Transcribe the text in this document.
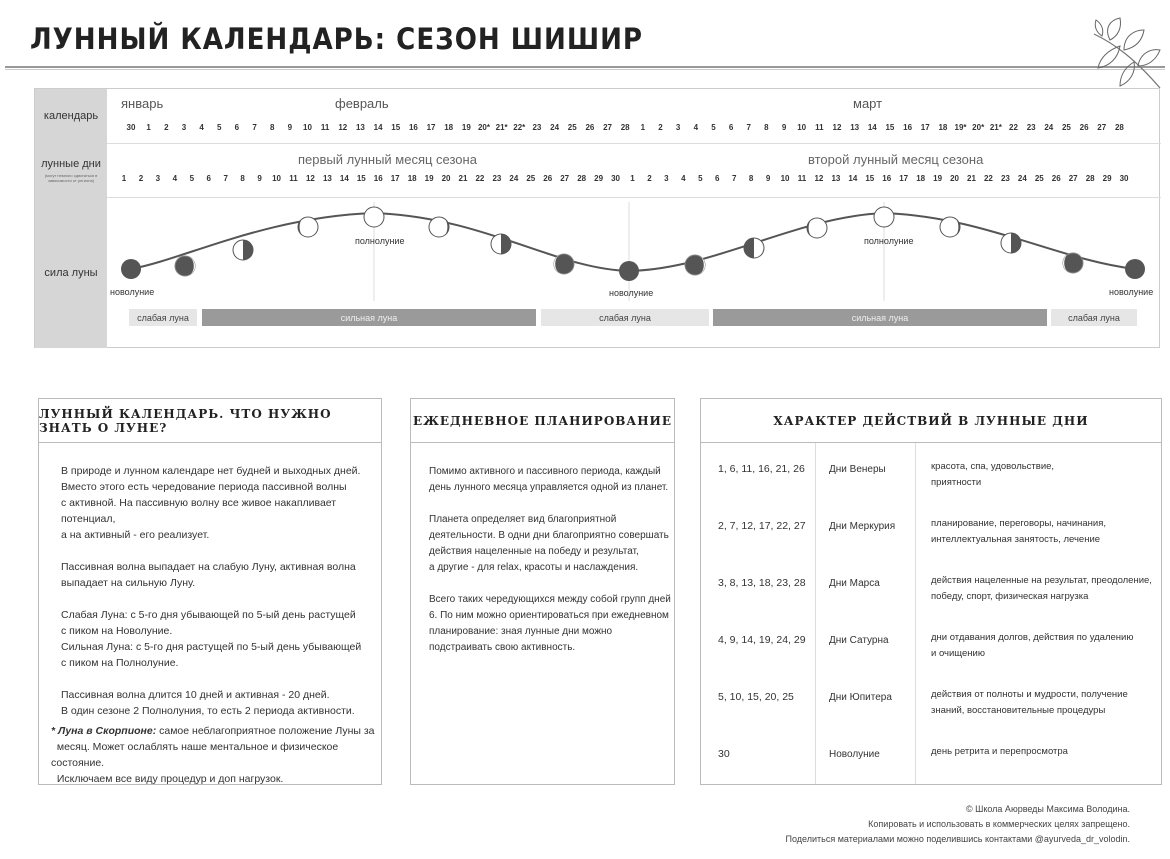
ЛУННЫЙ КАЛЕНДАРЬ: СЕЗОН ШИШИР
календарь
лунные дни
(могут немного сдвигаться в зависимости от региона)
сила луны
январь	февраль	март
30	1	2	3	4	5	6	7	8	9	10	11	12	13	14	15	16	17	18	19 20* 21* 22* 23	24	25	26	27	28	1	2	3	4	5	6	7	8	9	10	11	12	13	14	15	16	17	18 19* 20* 21* 22	23	24	25	26	27	28
первый лунный месяц сезона	второй лунный месяц сезона
1	2	3	4	5	6	7	8	9	10	11	12	13	14	15	16	17	18	19	20	21	22	23	24	25	26	27	28	29	30	1	2	3	4	5	6	7	8	9	10	11	12	13	14	15	16	17	18	19	20	21	22	23	24	25	26	27	28	29	30
новолуние
полнолуние
новолуние
полнолуние
новолуние
слабая луна	сильная луна	слабая луна	сильная луна	слабая луна
ЛУННЫЙ КАЛЕНДАРЬ. ЧТО НУЖНО ЗНАТЬ О ЛУНЕ?

В природе и лунном календаре нет будней и выходных дней.
Вместо этого есть чередование периода пассивной волны
с активной. На пассивную волну все живое накапливает потенциал,
а на активный - его реализует.

Пассивная волна выпадает на слабую Луну, активная волна
выпадает на сильную Луну.

Слабая Луна: с 5-го дня убывающей по 5-ый день растущей
с пиком на Новолуние.
Сильная Луна: с 5-го дня растущей по 5-ый день убывающей
с пиком на Полнолуние.

Пассивная волна длится 10 дней и активная - 20 дней.
В один сезоне 2 Полнолуния, то есть 2 периода активности.

* Луна в Скорпионе: самое неблагоприятное положение Луны за
месяц. Может ослаблять наше ментальное и физическое состояние.
Исключаем все виду процедур и доп нагрузок.
ЕЖЕДНЕВНОЕ ПЛАНИРОВАНИЕ

Помимо активного и пассивного периода, каждый
день лунного месяца управляется одной из планет.

Планета определяет вид благоприятной
деятельности. В одни дни благоприятно совершать
действия нацеленные на победу и результат,
а другие - для relax, красоты и наслаждения.

Всего таких чередующихся между собой групп дней
6. По ним можно ориентироваться при ежедневном
планирование: зная лунные дни можно
подстраивать свою активность.

ХАРАКТЕР ДЕЙСТВИЙ В ЛУННЫЕ ДНИ
1, 6, 11, 16, 21, 26 Дни Венеры	красота, спа, удовольствие,
приятности
2, 7, 12, 17, 22, 27 Дни Меркурия	планирование, переговоры, начинания,
интеллектуальная занятость, лечение
3, 8, 13, 18, 23, 28 Дни Марса	действия нацеленные на результат, преодоление,
победу, спорт, физическая нагрузка
4, 9, 14, 19, 24, 29 Дни Сатурна	дни отдавания долгов, действия по удалению
и очищению
5, 10, 15, 20, 25	Дни Юпитера	действия от полноты и мудрости, получение
знаний, восстановительные процедуры
30	Новолуние	день ретрита и перепросмотра

© Школа Аюрведы Максима Володина.
Копировать и использовать в коммерческих целях запрещено.
Поделиться материалами можно поделившись контактами @ayurveda_dr_volodin.
